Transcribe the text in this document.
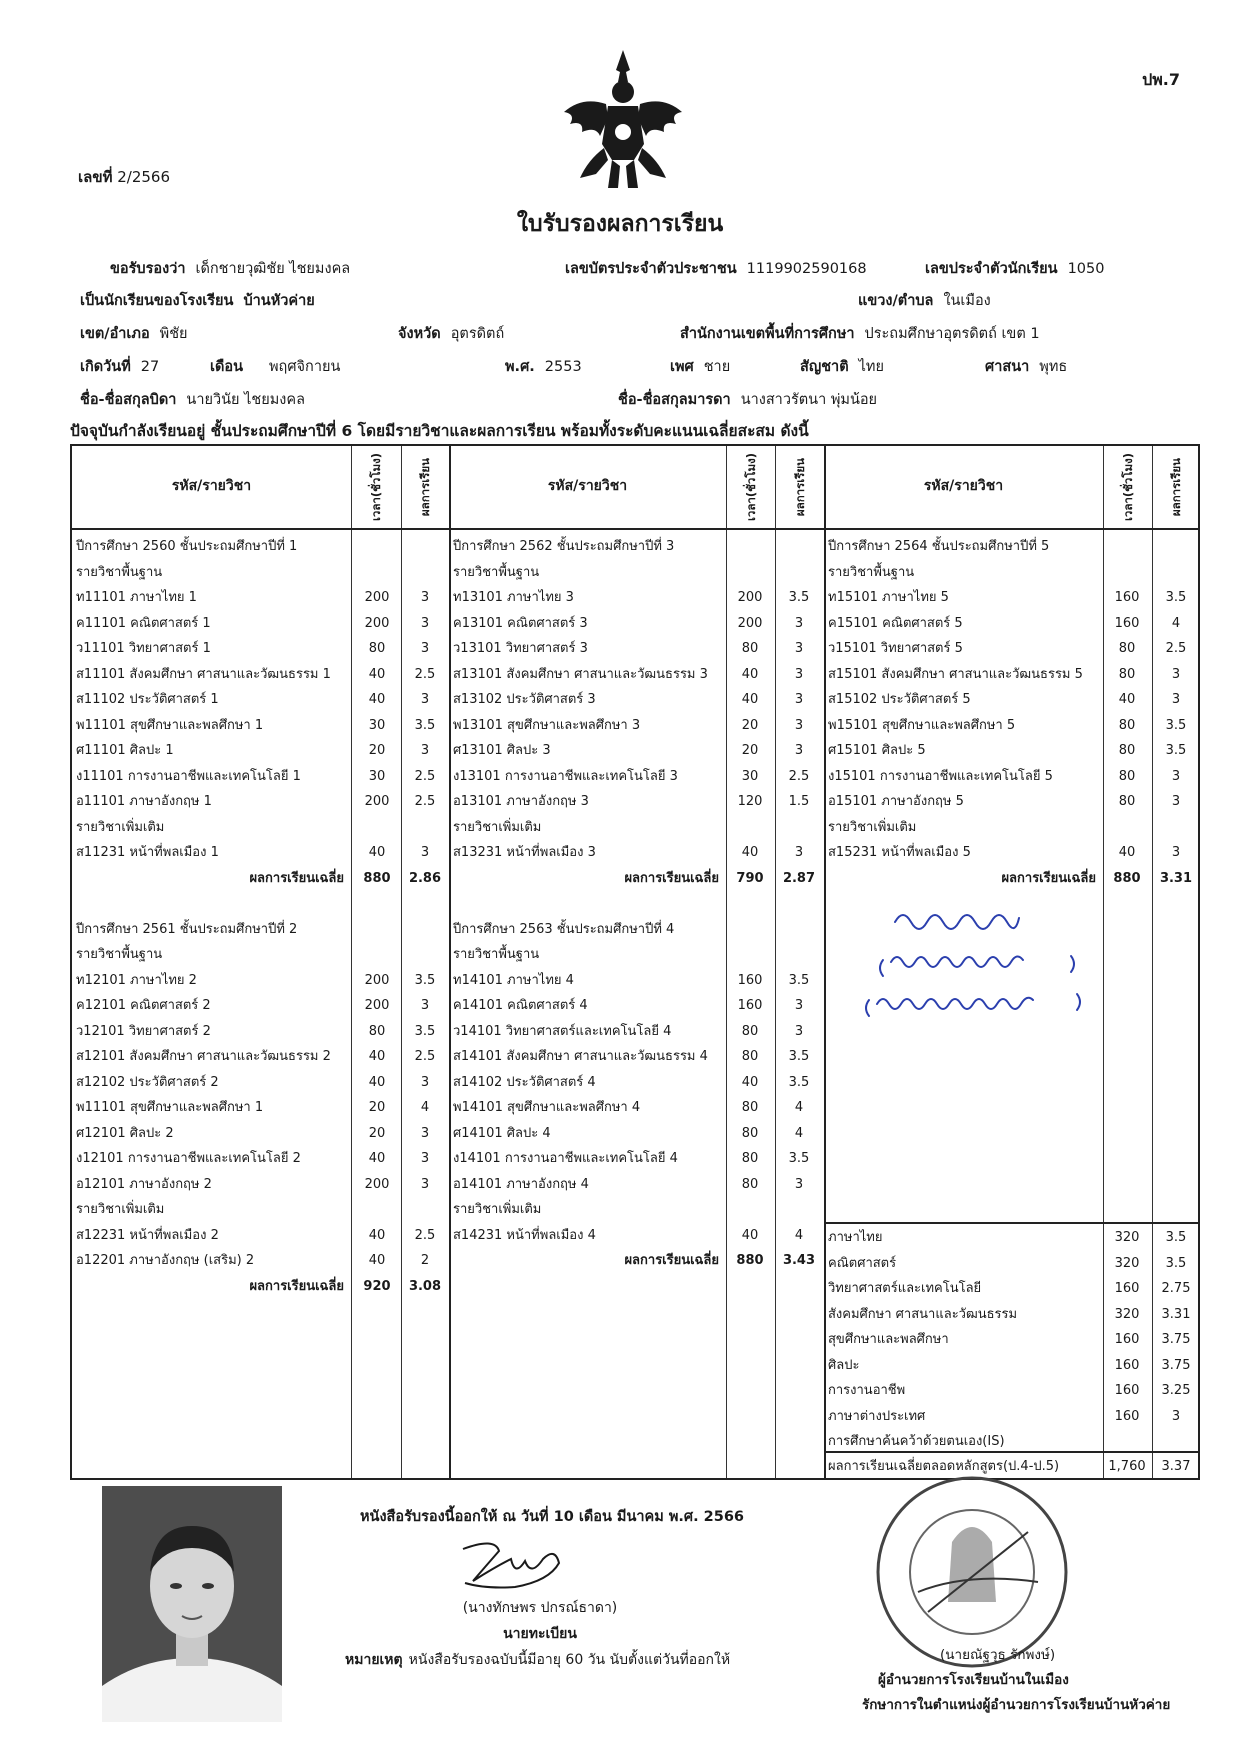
ปพ.7
เลขที่ 2/2566
ใบรับรองผลการเรียน
ขอรับรองว่า เด็กชายวุฒิชัย ไชยมงคล	เลขบัตรประจำตัวประชาชน 1119902590168	เลขประจำตัวนักเรียน 1050
เป็นนักเรียนของโรงเรียน บ้านหัวค่าย	แขวง/ตำบล ในเมือง
เขต/อำเภอ พิชัย	จังหวัด อุตรดิตถ์	สำนักงานเขตพื้นที่การศึกษา ประถมศึกษาอุตรดิตถ์ เขต 1
เกิดวันที่ 27	เดือน พฤศจิกายน	พ.ศ. 2553	เพศ ชาย	สัญชาติ ไทย	ศาสนา พุทธ
ชื่อ-ชื่อสกุลบิดา นายวินัย ไชยมงคล	ชื่อ-ชื่อสกุลมารดา นางสาวรัตนา พุ่มน้อย
ปัจจุบันกำลังเรียนอยู่ ชั้นประถมศึกษาปีที่ 6 โดยมีรายวิชาและผลการเรียน พร้อมทั้งระดับคะแนนเฉลี่ยสะสม ดังนี้
รหัส/รายวิชา	เวลา(ชั่วโมง)	ผลการเรียน	รหัส/รายวิชา	เวลา(ชั่วโมง)	ผลการเรียน	รหัส/รายวิชา	เวลา(ชั่วโมง)	ผลการเรียน
ปีการศึกษา 2560 ชั้นประถมศึกษาปีที่ 1
รายวิชาพื้นฐาน
ท11101 ภาษาไทย 1	200	3
ค11101 คณิตศาสตร์ 1	200	3
ว11101 วิทยาศาสตร์ 1	80	3
ส11101 สังคมศึกษา ศาสนาและวัฒนธรรม 1	40	2.5
ส11102 ประวัติศาสตร์ 1	40	3
พ11101 สุขศึกษาและพลศึกษา 1	30	3.5
ศ11101 ศิลปะ 1	20	3
ง11101 การงานอาชีพและเทคโนโลยี 1	30	2.5
อ11101 ภาษาอังกฤษ 1	200	2.5
รายวิชาเพิ่มเติม
ส11231 หน้าที่พลเมือง 1	40	3
ผลการเรียนเฉลี่ย	880	2.86
ปีการศึกษา 2561 ชั้นประถมศึกษาปีที่ 2
รายวิชาพื้นฐาน
ท12101 ภาษาไทย 2	200	3.5
ค12101 คณิตศาสตร์ 2	200	3
ว12101 วิทยาศาสตร์ 2	80	3.5
ส12101 สังคมศึกษา ศาสนาและวัฒนธรรม 2	40	2.5
ส12102 ประวัติศาสตร์ 2	40	3
พ11101 สุขศึกษาและพลศึกษา 1	20	4
ศ12101 ศิลปะ 2	20	3
ง12101 การงานอาชีพและเทคโนโลยี 2	40	3
อ12101 ภาษาอังกฤษ 2	200	3
รายวิชาเพิ่มเติม
ส12231 หน้าที่พลเมือง 2	40	2.5
อ12201 ภาษาอังกฤษ (เสริม) 2	40	2
ผลการเรียนเฉลี่ย	920	3.08
ปีการศึกษา 2562 ชั้นประถมศึกษาปีที่ 3
รายวิชาพื้นฐาน
ท13101 ภาษาไทย 3	200	3.5
ค13101 คณิตศาสตร์ 3	200	3
ว13101 วิทยาศาสตร์ 3	80	3
ส13101 สังคมศึกษา ศาสนาและวัฒนธรรม 3	40	3
ส13102 ประวัติศาสตร์ 3	40	3
พ13101 สุขศึกษาและพลศึกษา 3	20	3
ศ13101 ศิลปะ 3	20	3
ง13101 การงานอาชีพและเทคโนโลยี 3	30	2.5
อ13101 ภาษาอังกฤษ 3	120	1.5
รายวิชาเพิ่มเติม
ส13231 หน้าที่พลเมือง 3	40	3
ผลการเรียนเฉลี่ย	790	2.87
ปีการศึกษา 2563 ชั้นประถมศึกษาปีที่ 4
รายวิชาพื้นฐาน
ท14101 ภาษาไทย 4	160	3.5
ค14101 คณิตศาสตร์ 4	160	3
ว14101 วิทยาศาสตร์และเทคโนโลยี 4	80	3
ส14101 สังคมศึกษา ศาสนาและวัฒนธรรม 4	80	3.5
ส14102 ประวัติศาสตร์ 4	40	3.5
พ14101 สุขศึกษาและพลศึกษา 4	80	4
ศ14101 ศิลปะ 4	80	4
ง14101 การงานอาชีพและเทคโนโลยี 4	80	3.5
อ14101 ภาษาอังกฤษ 4	80	3
รายวิชาเพิ่มเติม
ส14231 หน้าที่พลเมือง 4	40	4
ผลการเรียนเฉลี่ย	880	3.43
ปีการศึกษา 2564 ชั้นประถมศึกษาปีที่ 5
รายวิชาพื้นฐาน
ท15101 ภาษาไทย 5	160	3.5
ค15101 คณิตศาสตร์ 5	160	4
ว15101 วิทยาศาสตร์ 5	80	2.5
ส15101 สังคมศึกษา ศาสนาและวัฒนธรรม 5	80	3
ส15102 ประวัติศาสตร์ 5	40	3
พ15101 สุขศึกษาและพลศึกษา 5	80	3.5
ศ15101 ศิลปะ 5	80	3.5
ง15101 การงานอาชีพและเทคโนโลยี 5	80	3
อ15101 ภาษาอังกฤษ 5	80	3
รายวิชาเพิ่มเติม
ส15231 หน้าที่พลเมือง 5	40	3
ผลการเรียนเฉลี่ย	880	3.31
ภาษาไทย	320	3.5
คณิตศาสตร์	320	3.5
วิทยาศาสตร์และเทคโนโลยี	160	2.75
สังคมศึกษา ศาสนาและวัฒนธรรม	320	3.31
สุขศึกษาและพลศึกษา	160	3.75
ศิลปะ	160	3.75
การงานอาชีพ	160	3.25
ภาษาต่างประเทศ	160	3
การศึกษาค้นคว้าด้วยตนเอง(IS)
ผลการเรียนเฉลี่ยตลอดหลักสูตร(ป.4-ป.5)	1,760	3.37
หนังสือรับรองนี้ออกให้ ณ วันที่ 10 เดือน มีนาคม พ.ศ. 2566
(นางทักษพร ปกรณ์ธาดา)
นายทะเบียน
หมายเหตุ หนังสือรับรองฉบับนี้มีอายุ 60 วัน นับตั้งแต่วันที่ออกให้	(นายณัฐวุธ รักพงษ์)
ผู้อำนวยการโรงเรียนบ้านในเมือง
รักษาการในตำแหน่งผู้อำนวยการโรงเรียนบ้านหัวค่าย
